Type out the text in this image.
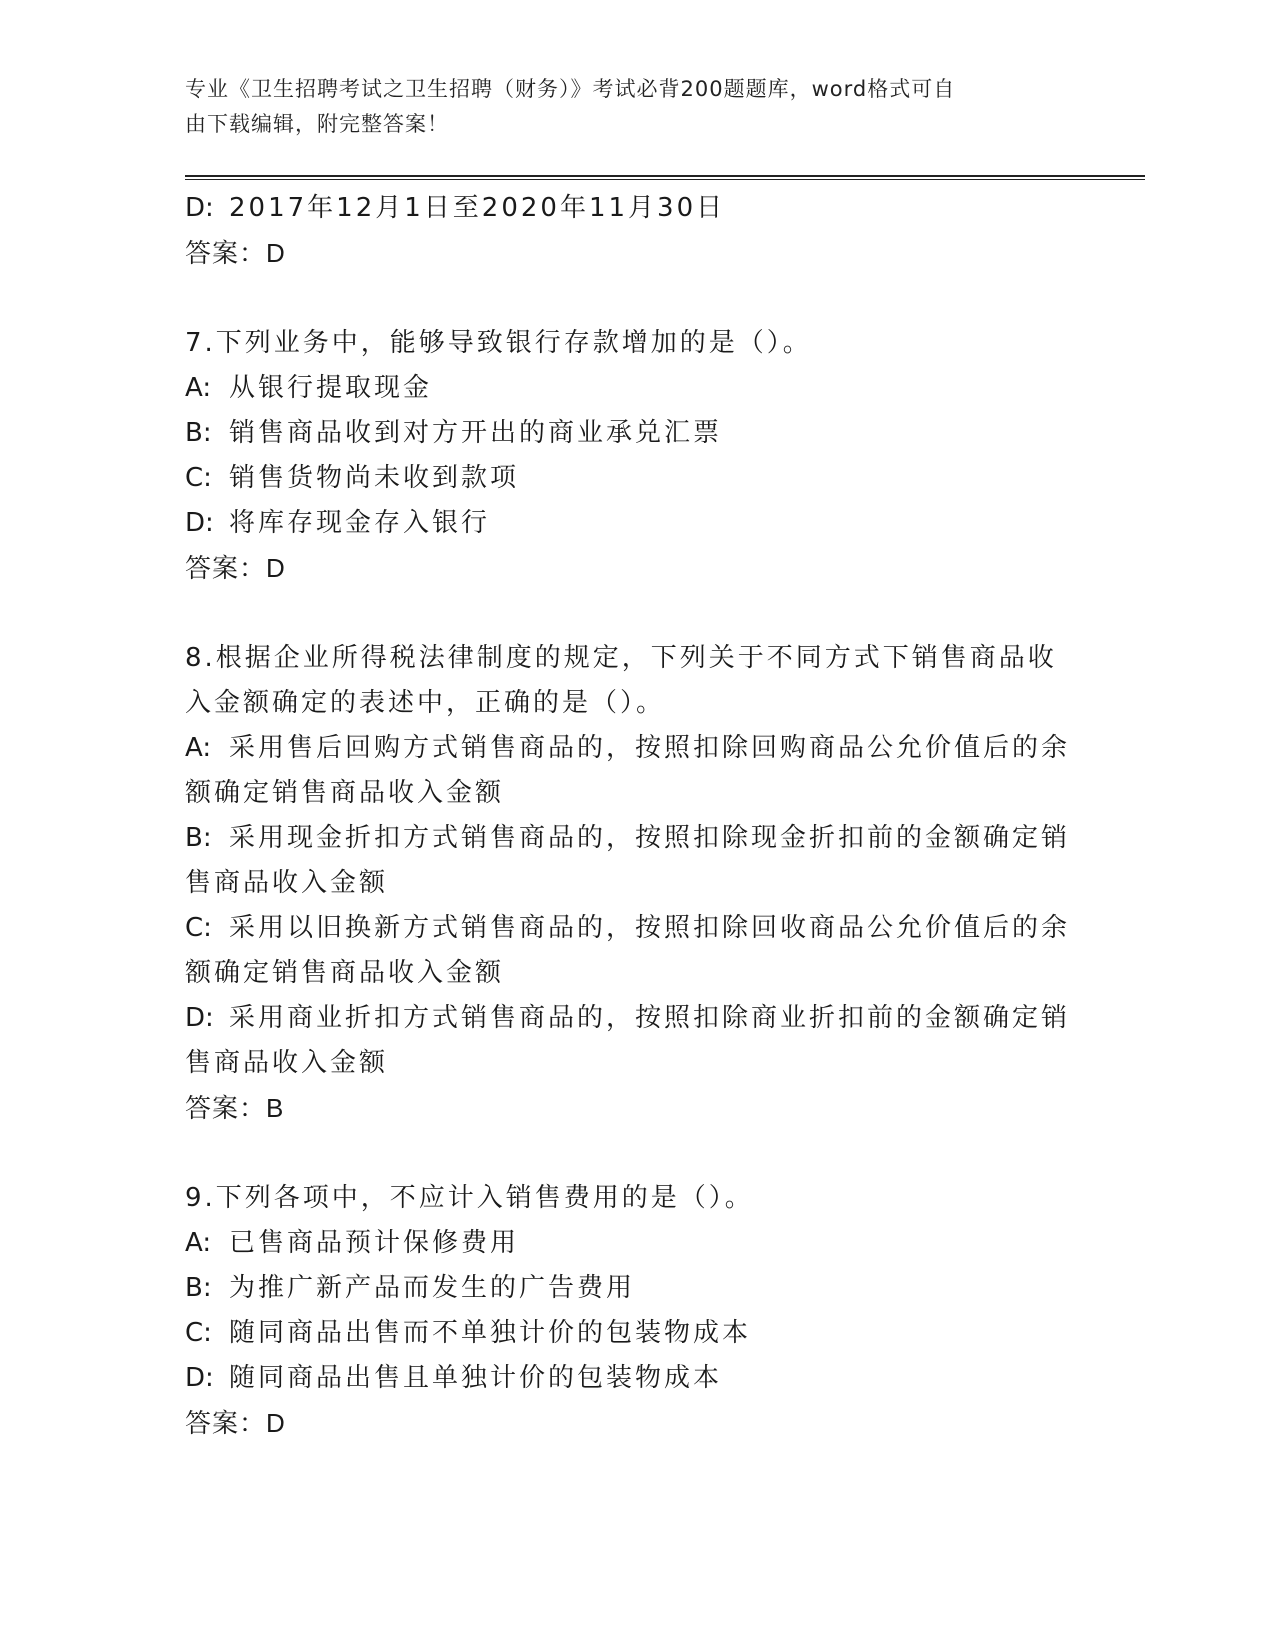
专业《卫生招聘考试之卫生招聘（财务）》考试必背200题题库，word格式可自
由下载编辑，附完整答案！
D: 2017年12月1日至2020年11月30日
答案：D
7.下列业务中，能够导致银行存款增加的是（）。
A: 从银行提取现金
B: 销售商品收到对方开出的商业承兑汇票
C: 销售货物尚未收到款项
D: 将库存现金存入银行
答案：D
8.根据企业所得税法律制度的规定，下列关于不同方式下销售商品收
入金额确定的表述中，正确的是（）。
A: 采用售后回购方式销售商品的，按照扣除回购商品公允价值后的余
额确定销售商品收入金额
B: 采用现金折扣方式销售商品的，按照扣除现金折扣前的金额确定销
售商品收入金额
C: 采用以旧换新方式销售商品的，按照扣除回收商品公允价值后的余
额确定销售商品收入金额
D: 采用商业折扣方式销售商品的，按照扣除商业折扣前的金额确定销
售商品收入金额
答案：B
9.下列各项中，不应计入销售费用的是（）。
A: 已售商品预计保修费用
B: 为推广新产品而发生的广告费用
C: 随同商品出售而不单独计价的包装物成本
D: 随同商品出售且单独计价的包装物成本
答案：D
